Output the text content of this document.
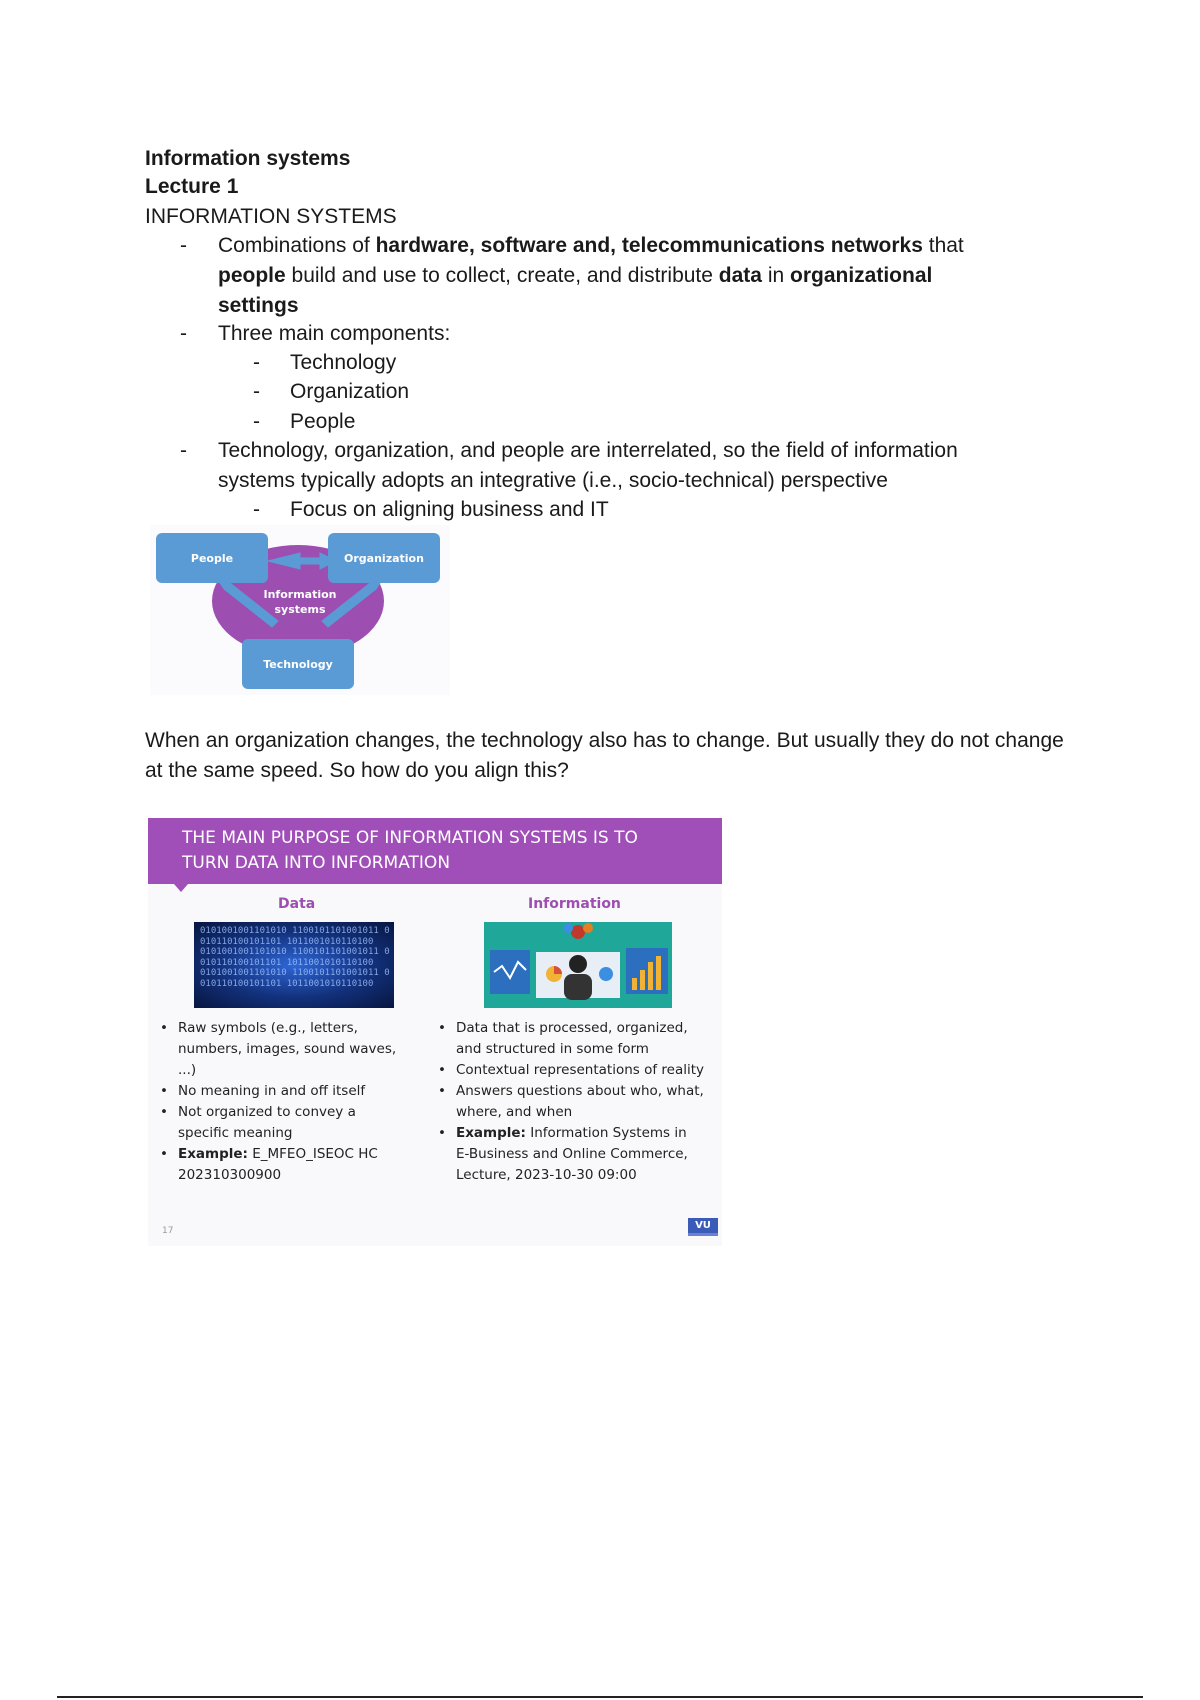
Information systems
Lecture 1
INFORMATION SYSTEMS
- Combinations of hardware, software and, telecommunications networks that
people build and use to collect, create, and distribute data in organizational
settings
- Three main components:
- Technology
- Organization
- People
- Technology, organization, and people are interrelated, so the field of information
systems typically adopts an integrative (i.e., socio-technical) perspective
- Focus on aligning business and IT
People	Organization
Technology
Information
systems
When an organization changes, the technology also has to change. But usually they do not change at the same speed. So how do you align this?
THE MAIN PURPOSE OF INFORMATION SYSTEMS IS TO
TURN DATA INTO INFORMATION
Data	Information
0101001001101010 1100101101001011 0010110100101101 1011001010110100
0101001001101010 1100101101001011 0010110100101101 1011001010110100
0101001001101010 1100101101001011 0010110100101101 1011001010110100
• Raw symbols (e.g., letters, numbers, images, sound waves, ...)
• No meaning in and off itself
• Not organized to convey a specific meaning
• Example: E_MFEO_ISEOC HC 202310300900
• Data that is processed, organized, and structured in some form
• Contextual representations of reality
• Answers questions about who, what, where, and when
• Example: Information Systems in E-Business and Online Commerce, Lecture, 2023-10-30 09:00
17	VU
